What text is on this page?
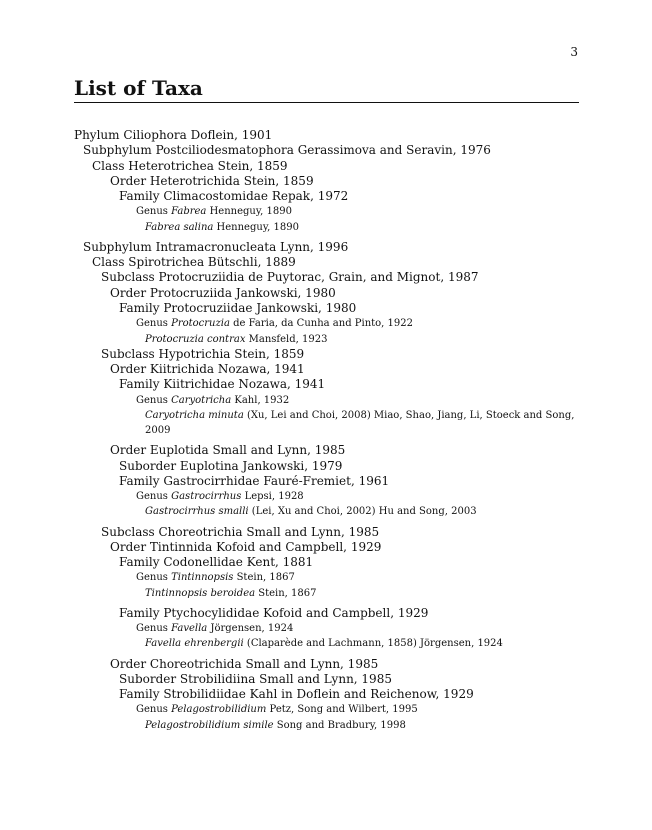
3
List of Taxa
Phylum Ciliophora Doflein, 1901
Subphylum Postciliodesmatophora Gerassimova and Seravin, 1976
Class Heterotrichea Stein, 1859
Order Heterotrichida Stein, 1859
Family Climacostomidae Repak, 1972
Genus Fabrea Henneguy, 1890
Fabrea salina Henneguy, 1890
Subphylum Intramacronucleata Lynn, 1996
Class Spirotrichea Bütschli, 1889
Subclass Protocruziidia de Puytorac, Grain, and Mignot, 1987
Order Protocruziida Jankowski, 1980
Family Protocruziidae Jankowski, 1980
Genus Protocruzia de Faria, da Cunha and Pinto, 1922
Protocruzia contrax Mansfeld, 1923
Subclass Hypotrichia Stein, 1859
Order Kiitrichida Nozawa, 1941
Family Kiitrichidae Nozawa, 1941
Genus Caryotricha Kahl, 1932
Caryotricha minuta (Xu, Lei and Choi, 2008) Miao, Shao, Jiang, Li, Stoeck and Song, 2009
Order Euplotida Small and Lynn, 1985
Suborder Euplotina Jankowski, 1979
Family Gastrocirrhidae Fauré-Fremiet, 1961
Genus Gastrocirrhus Lepsi, 1928
Gastrocirrhus smalli (Lei, Xu and Choi, 2002) Hu and Song, 2003
Subclass Choreotrichia Small and Lynn, 1985
Order Tintinnida Kofoid and Campbell, 1929
Family Codonellidae Kent, 1881
Genus Tintinnopsis Stein, 1867
Tintinnopsis beroidea Stein, 1867
Family Ptychocylididae Kofoid and Campbell, 1929
Genus Favella Jörgensen, 1924
Favella ehrenbergii (Claparède and Lachmann, 1858) Jörgensen, 1924
Order Choreotrichida Small and Lynn, 1985
Suborder Strobilidiina Small and Lynn, 1985
Family Strobilidiidae Kahl in Doflein and Reichenow, 1929
Genus Pelagostrobilidium Petz, Song and Wilbert, 1995
Pelagostrobilidium simile Song and Bradbury, 1998
